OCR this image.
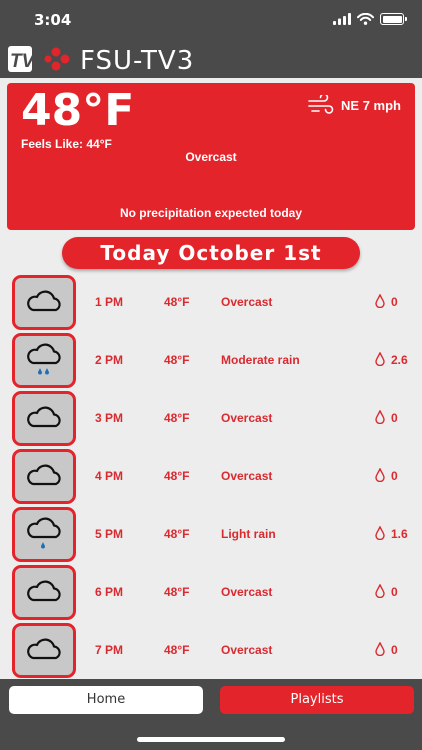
3:04
TV3 FSU-TV3
48°F
Feels Like: 44°F
NE 7 mph
Overcast
No precipitation expected today
Today October 1st
1 PM	48°F	Overcast	0
2 PM	48°F	Moderate rain	2.6
3 PM	48°F	Overcast	0
4 PM	48°F	Overcast	0
5 PM	48°F	Light rain	1.6
6 PM	48°F	Overcast	0
7 PM	48°F	Overcast	0
Home	Playlists
